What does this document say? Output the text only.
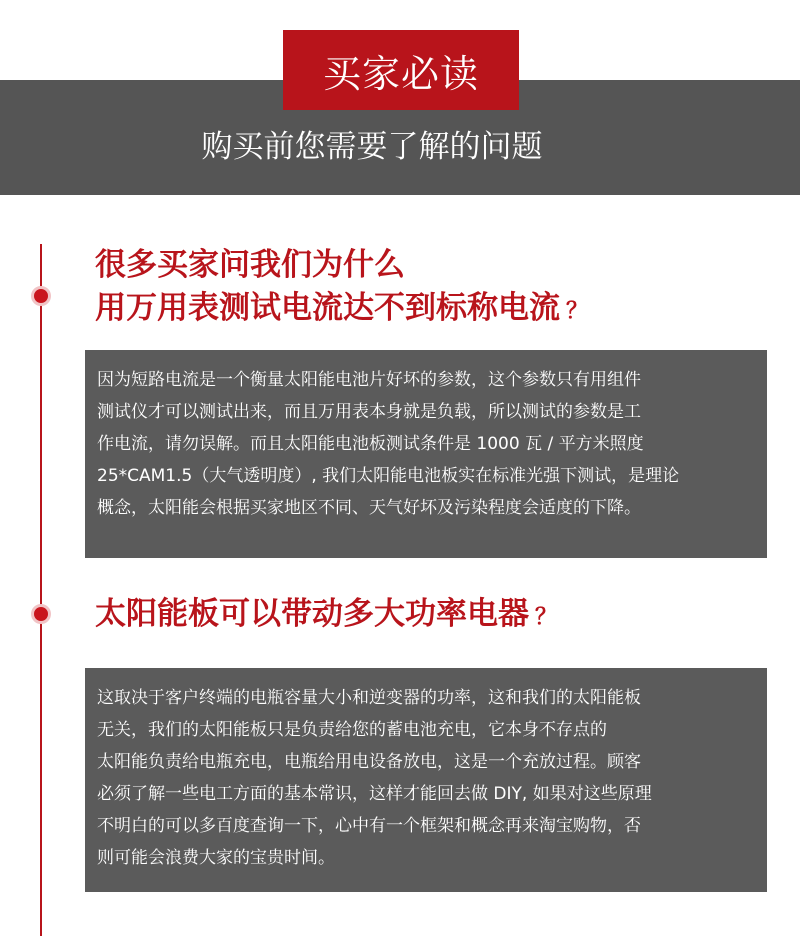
买家必读
购买前您需要了解的问题
很多买家问我们为什么
用万用表测试电流达不到标称电流 ？

因为短路电流是一个衡量太阳能电池片好坏的参数，这个参数只有用组件

测试仪才可以测试出来，而且万用表本身就是负载，所以测试的参数是工

作电流，请勿误解。而且太阳能电池板测试条件是 1000 瓦 / 平方米照度

25*CAM1.5（大气透明度）, 我们太阳能电池板实在标准光强下测试，是理论

概念，太阳能会根据买家地区不同、天气好坏及污染程度会适度的下降。

太阳能板可以带动多大功率电器 ？

这取决于客户终端的电瓶容量大小和逆变器的功率，这和我们的太阳能板

无关，我们的太阳能板只是负责给您的蓄电池充电，它本身不存点的

太阳能负责给电瓶充电，电瓶给用电设备放电，这是一个充放过程。顾客

必须了解一些电工方面的基本常识，这样才能回去做 DIY, 如果对这些原理

不明白的可以多百度查询一下，心中有一个框架和概念再来淘宝购物，否

则可能会浪费大家的宝贵时间。
